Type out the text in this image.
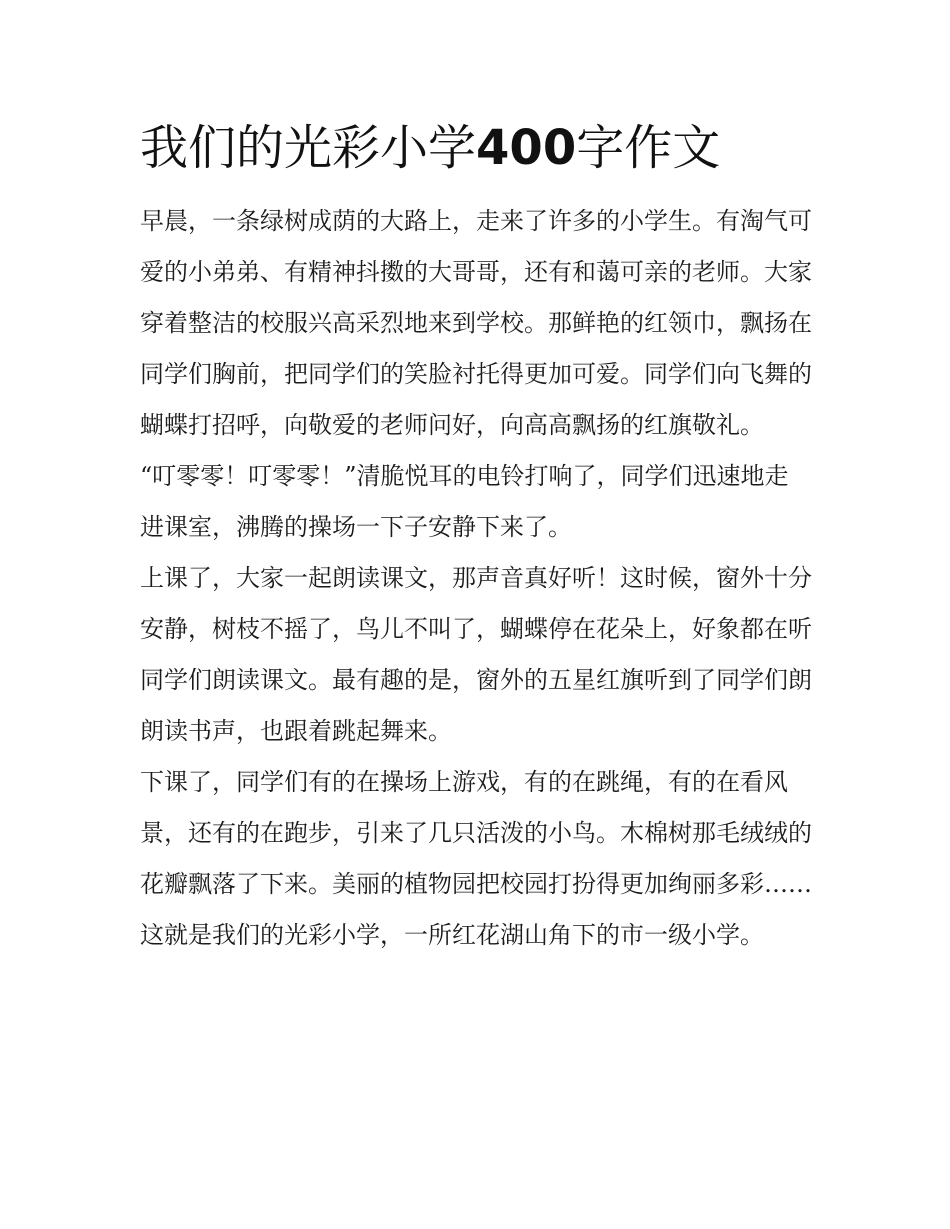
我们的光彩小学400字作文

早晨，一条绿树成荫的大路上，走来了许多的小学生。有淘气可爱的小弟弟、有精神抖擞的大哥哥，还有和蔼可亲的老师。大家穿着整洁的校服兴高采烈地来到学校。那鲜艳的红领巾，飘扬在同学们胸前，把同学们的笑脸衬托得更加可爱。同学们向飞舞的蝴蝶打招呼，向敬爱的老师问好，向高高飘扬的红旗敬礼。

“叮零零！叮零零！”清脆悦耳的电铃打响了，同学们迅速地走进课室，沸腾的操场一下子安静下来了。

上课了，大家一起朗读课文，那声音真好听！这时候，窗外十分安静，树枝不摇了，鸟儿不叫了，蝴蝶停在花朵上，好象都在听同学们朗读课文。最有趣的是，窗外的五星红旗听到了同学们朗朗读书声，也跟着跳起舞来。

下课了，同学们有的在操场上游戏，有的在跳绳，有的在看风景，还有的在跑步，引来了几只活泼的小鸟。木棉树那毛绒绒的花瓣飘落了下来。美丽的植物园把校园打扮得更加绚丽多彩……

这就是我们的光彩小学，一所红花湖山角下的市一级小学。
